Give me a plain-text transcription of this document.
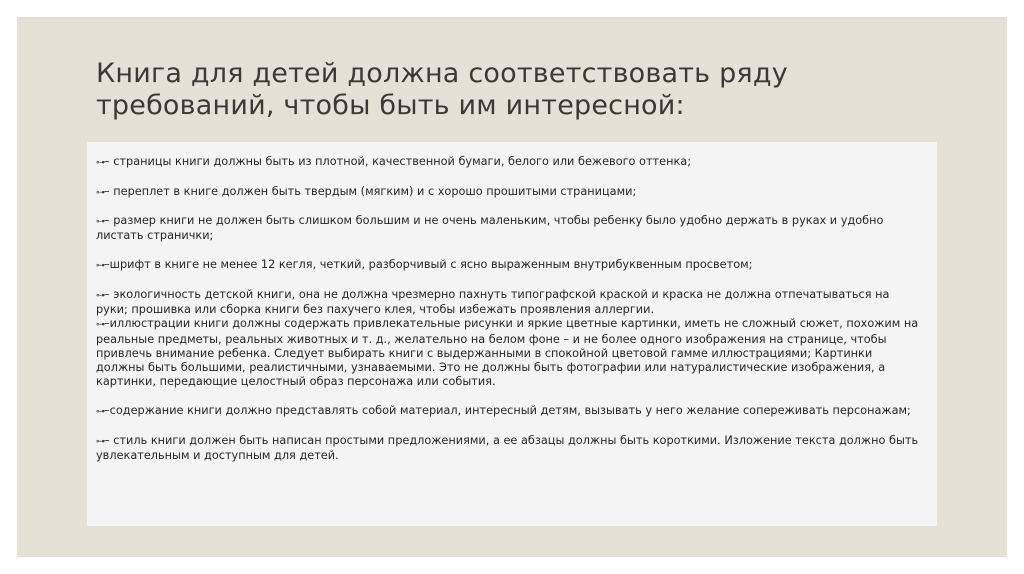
Книга для детей должна соответствовать ряду требований, чтобы быть им интересной:

⊶– страницы книги должны быть из плотной, качественной бумаги, белого или бежевого оттенка;

⊶– переплет в книге должен быть твердым (мягким) и с хорошо прошитыми страницами;

⊶– размер книги не должен быть слишком большим и не очень маленьким, чтобы ребенку было удобно держать в руках и удобно листать странички;

⊶–шрифт в книге не менее 12 кегля, четкий, разборчивый с ясно выраженным внутрибуквенным просветом;

⊶– экологичность детской книги, она не должна чрезмерно пахнуть типографской краской и краска не должна отпечатываться на руки; прошивка или сборка книги без пахучего клея, чтобы избежать проявления аллергии.

⊶–иллюстрации книги должны содержать привлекательные рисунки и яркие цветные картинки, иметь не сложный сюжет, похожим на реальные предметы, реальных животных и т. д., желательно на белом фоне – и не более одного изображения на странице, чтобы привлечь внимание ребенка. Следует выбирать книги с выдержанными в спокойной цветовой гамме иллюстрациями; Картинки должны быть большими, реалистичными, узнаваемыми. Это не должны быть фотографии или натуралистические изображения, а картинки, передающие целостный образ персонажа или события.

⊶–содержание книги должно представлять собой материал, интересный детям, вызывать у него желание сопереживать персонажам;

⊶– стиль книги должен быть написан простыми предложениями, а ее абзацы должны быть короткими. Изложение текста должно быть увлекательным и доступным для детей.
